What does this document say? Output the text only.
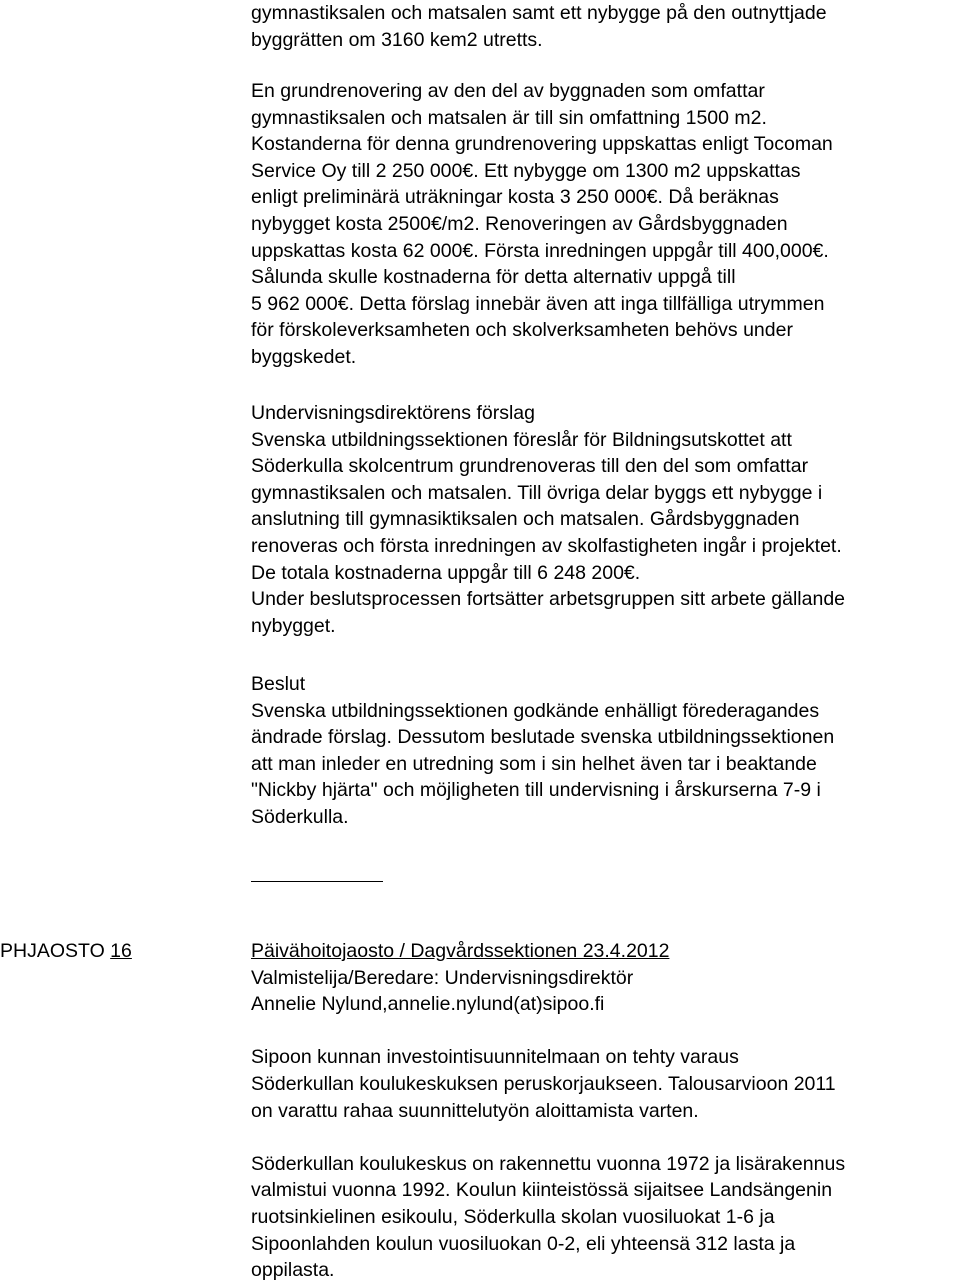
gymnastiksalen och matsalen samt ett nybygge på den outnyttjade
byggrätten om 3160 kem2 utretts.
En grundrenovering av den del av byggnaden som omfattar
gymnastiksalen och matsalen är till sin omfattning 1500 m2.
Kostanderna för denna grundrenovering uppskattas enligt Tocoman
Service Oy till 2 250 000€. Ett nybygge om 1300 m2 uppskattas
enligt preliminärä uträkningar kosta 3 250 000€. Då beräknas
nybygget kosta 2500€/m2. Renoveringen av Gårdsbyggnaden
uppskattas kosta 62 000€. Första inredningen uppgår till 400,000€.
Sålunda skulle kostnaderna för detta alternativ uppgå till
5 962 000€. Detta förslag innebär även att inga tillfälliga utrymmen
för förskoleverksamheten och skolverksamheten behövs under
byggskedet.
Undervisningsdirektörens förslag
Svenska utbildningssektionen föreslår för Bildningsutskottet att
Söderkulla skolcentrum grundrenoveras till den del som omfattar
gymnastiksalen och matsalen. Till övriga delar byggs ett nybygge i
anslutning till gymnasiktiksalen och matsalen. Gårdsbyggnaden
renoveras och första inredningen av skolfastigheten ingår i projektet.
De totala kostnaderna uppgår till 6 248 200€.
Under beslutsprocessen fortsätter arbetsgruppen sitt arbete gällande
nybygget.
Beslut
Svenska utbildningssektionen godkände enhälligt förederagandes
ändrade förslag. Dessutom beslutade svenska utbildningssektionen
att man inleder en utredning som i sin helhet även tar i beaktande
"Nickby hjärta" och möjligheten till undervisning i årskurserna 7-9 i
Söderkulla.
PHJAOSTO 16	Päivähoitojaosto / Dagvårdssektionen 23.4.2012
Valmistelija/Beredare: Undervisningsdirektör
Annelie Nylund,annelie.nylund(at)sipoo.fi
Sipoon kunnan investointisuunnitelmaan on tehty varaus
Söderkullan koulukeskuksen peruskorjaukseen. Talousarvioon 2011
on varattu rahaa suunnittelutyön aloittamista varten.
Söderkullan koulukeskus on rakennettu vuonna 1972 ja lisärakennus
valmistui vuonna 1992. Koulun kiinteistössä sijaitsee Landsängenin
ruotsinkielinen esikoulu, Söderkulla skolan vuosiluokat 1-6 ja
Sipoonlahden koulun vuosiluokan 0-2, eli yhteensä 312 lasta ja
oppilasta.
